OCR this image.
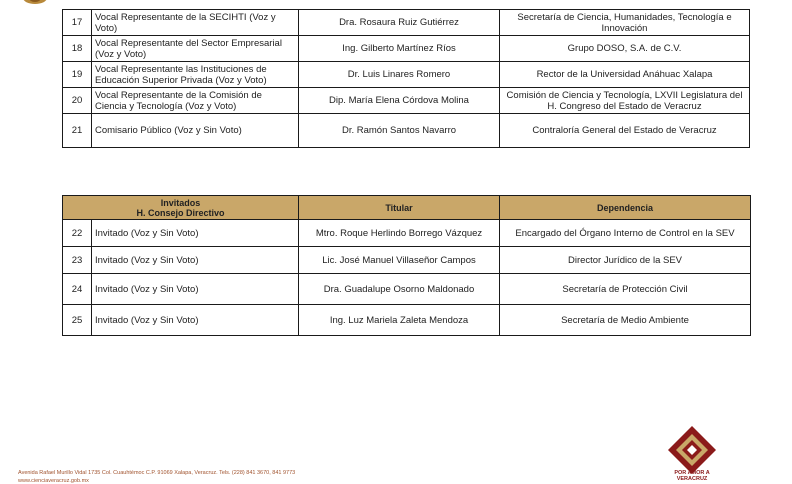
17	Vocal Representante de la SECIHTI (Voz y Voto)	Dra. Rosaura Ruiz Gutiérrez	Secretaría de Ciencia, Humanidades, Tecnología e Innovación
18	Vocal Representante del Sector Empresarial (Voz y Voto)	Ing. Gilberto Martínez Ríos	Grupo DOSO, S.A. de C.V.
19	Vocal Representante las Instituciones de Educación Superior Privada (Voz y Voto)	Dr. Luis Linares Romero	Rector de la Universidad Anáhuac Xalapa
20	Vocal Representante de la Comisión de Ciencia y Tecnología (Voz y Voto)	Dip. María Elena Córdova Molina	Comisión de Ciencia y Tecnología, LXVII Legislatura del H. Congreso del Estado de Veracruz
21	Comisario Público (Voz y Sin Voto)	Dr. Ramón Santos Navarro	Contraloría General del Estado de Veracruz
Invitados
H. Consejo Directivo		Titular	Dependencia
22	Invitado (Voz y Sin Voto)	Mtro. Roque Herlindo Borrego Vázquez	Encargado del Órgano Interno de Control en la SEV
23	Invitado (Voz y Sin Voto)	Lic. José Manuel Villaseñor Campos	Director Jurídico de la SEV
24	Invitado (Voz y Sin Voto)	Dra. Guadalupe Osorno Maldonado	Secretaría de Protección Civil
25	Invitado (Voz y Sin Voto)	Ing. Luz Mariela Zaleta Mendoza	Secretaría de Medio Ambiente
Avenida Rafael Murillo Vidal 1735 Col. Cuauhtémoc C.P. 91069 Xalapa, Veracruz. Tels. (228) 841 3670, 841 9773
www.cienciaveracruz.gob.mx
POR AMOR A
VERACRUZ
